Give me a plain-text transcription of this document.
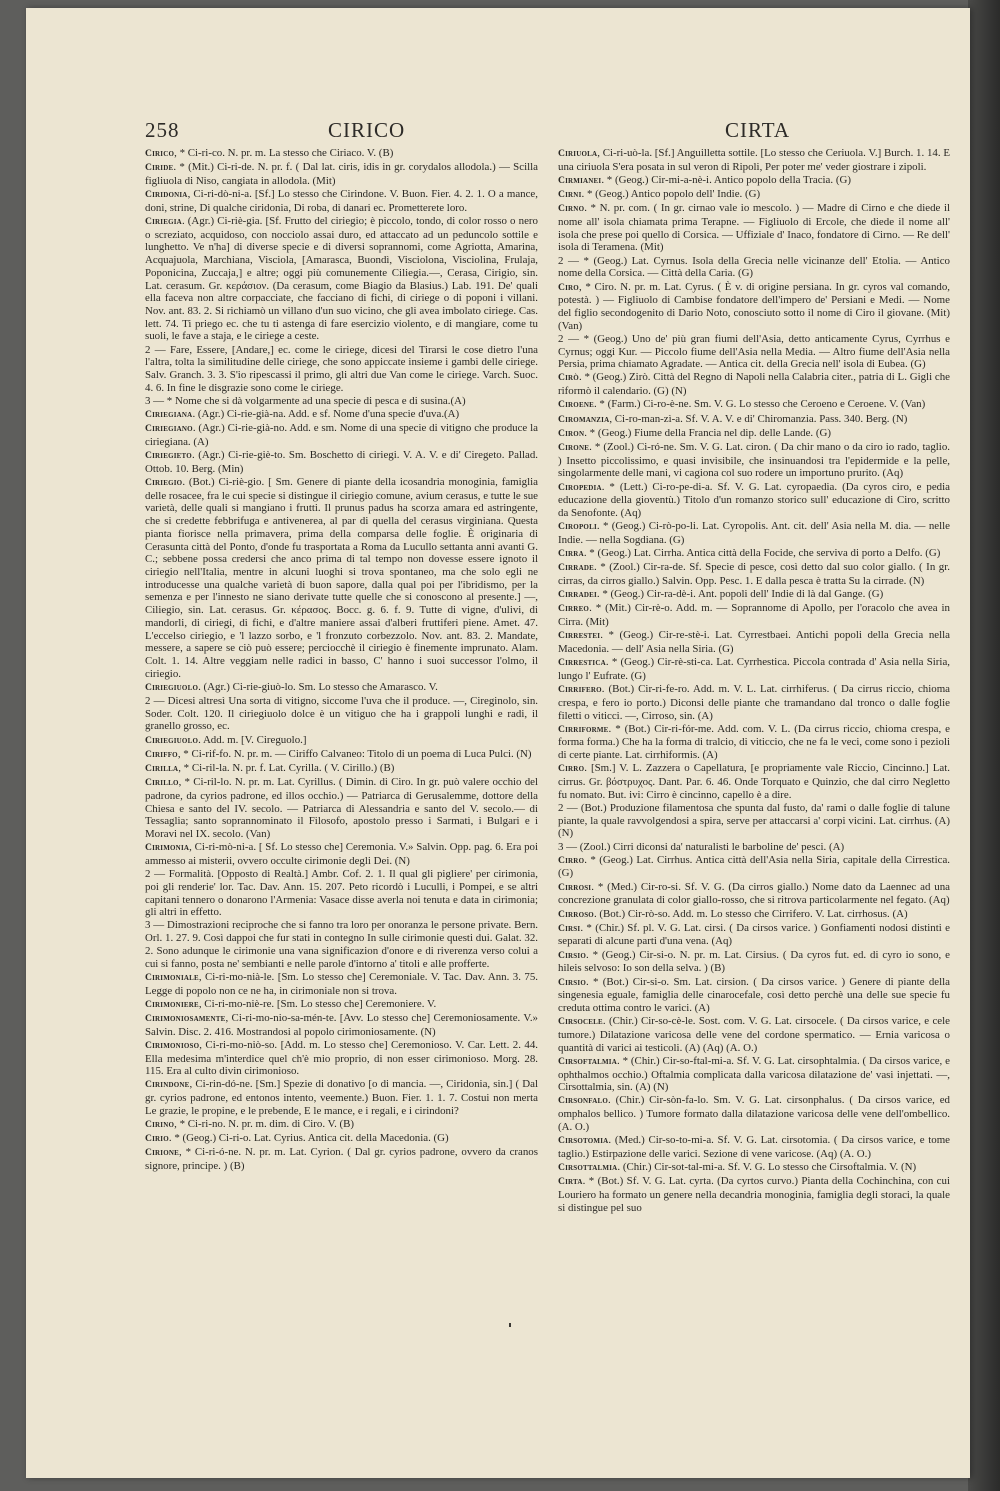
258	CIRICO	CIRTA
Cirico, * Ci-ri-co. N. pr. m. La stesso che Ciriaco. V. (B)
Ciride. * (Mit.) Ci-ri-de. N. pr. f. ( Dal lat. ciris, idis in gr. corydalos allodola.) — Scilla figliuola di Niso, cangiata in allodola. (Mit)
Ciridonia, Ci-ri-dò-ni-a. [Sf.] Lo stesso che Cirindone. V. Buon. Fier. 4. 2. 1. O a mance, doni, strine, Di qualche ciridonia, Di roba, di danari ec. Prometterete loro.
Ciriegia. (Agr.) Ci-riè-gia. [Sf. Frutto del ciriegio; è piccolo, tondo, di color rosso o nero o screziato, acquidoso, con nocciolo assai duro, ed attaccato ad un peduncolo sottile e lunghetto. Ve n'ha] di diverse specie e di diversi soprannomi, come Agriotta, Amarina, Acquajuola, Marchiana, Visciola, [Amarasca, Buondì, Visciolona, Visciolina, Frulaja, Poponicina, Zuccaja,] e altre; oggi più comunemente Ciliegia.—, Cerasa, Cirigio, sin. Lat. cerasum. Gr. κεράσιον. (Da cerasum, come Biagio da Blasius.) Lab. 191. De' quali ella faceva non altre corpacciate, che facciano di fichi, di ciriege o di poponi i villani. Nov. ant. 83. 2. Si richiamò un villano d'un suo vicino, che gli avea imbolato ciriege. Cas. lett. 74. Ti priego ec. che tu ti astenga di fare esercizio violento, e di mangiare, come tu suoli, le fave a staja, e le ciriege a ceste.
2 — Fare, Essere, [Andare,] ec. come le ciriege, dicesi del Tirarsi le cose dietro l'una l'altra, tolta la similitudine delle ciriege, che sono appiccate insieme i gambi delle ciriege. Salv. Granch. 3. 3. S'io ripescassi il primo, gli altri due Van come le ciriege. Varch. Suoc. 4. 6. In fine le disgrazie sono come le ciriege.
3 — * Nome che si dà volgarmente ad una specie di pesca e di susina.(A)
Ciriegiana. (Agr.) Ci-rie-già-na. Add. e sf. Nome d'una specie d'uva.(A)
Ciriegiano. (Agr.) Ci-rie-già-no. Add. e sm. Nome di una specie di vitigno che produce la ciriegiana. (A)
Ciriegieto. (Agr.) Ci-rie-giè-to. Sm. Boschetto di ciriegi. V. A. V. e di' Ciregeto. Pallad. Ottob. 10. Berg. (Min)
Ciriegio. (Bot.) Ci-riè-gio. [ Sm. Genere di piante della icosandria monoginia, famiglia delle rosacee, fra le cui specie si distingue il ciriegio comune, avium cerasus, e tutte le sue varietà, delle quali si mangiano i frutti. Il prunus padus ha scorza amara ed astringente, che si credette febbrifuga e antivenerea, al par di quella del cerasus virginiana. Questa pianta fiorisce nella primavera, prima della comparsa delle foglie. È originaria di Cerasunta città del Ponto, d'onde fu trasportata a Roma da Lucullo settanta anni avanti G. C.; sebbene possa credersi che anco prima di tal tempo non dovesse essere ignoto il ciriegio nell'Italia, mentre in alcuni luoghi si trova spontaneo, ma che solo egli ne introducesse una qualche varietà di buon sapore, dalla qual poi per l'ibridismo, per la semenza e per l'innesto ne siano derivate tutte quelle che si conoscono al presente.] —, Ciliegio, sin. Lat. cerasus. Gr. κέρασος. Bocc. g. 6. f. 9. Tutte di vigne, d'ulivi, di mandorli, di ciriegi, di fichi, e d'altre maniere assai d'alberi fruttiferi piene. Amet. 47. L'eccelso ciriegio, e 'l lazzo sorbo, e 'l fronzuto corbezzolo. Nov. ant. 83. 2. Mandate, messere, a sapere se ciò può essere; perciocchè il ciriegio è finemente imprunato. Alam. Colt. 1. 14. Altre veggiam nelle radici in basso, C' hanno i suoi successor l'olmo, il ciriegio.
Ciriegiuolo. (Agr.) Ci-rie-giuò-lo. Sm. Lo stesso che Amarasco. V.
2 — Dicesi altresì Una sorta di vitigno, siccome l'uva che il produce. —, Cireginolo, sin. Soder. Colt. 120. Il ciriegiuolo dolce è un vitiguo che ha i grappoli lunghi e radi, il granello grosso, ec.
Ciriegiuolo. Add. m. [V. Cireguolo.]
Ciriffo, * Ci-rif-fo. N. pr. m. — Ciriffo Calvaneo: Titolo di un poema di Luca Pulci. (N)
Cirilla, * Ci-ril-la. N. pr. f. Lat. Cyrilla. ( V. Cirillo.) (B)
Cirillo, * Ci-ril-lo. N. pr. m. Lat. Cyrillus. ( Dimin. di Ciro. In gr. può valere occhio del padrone, da cyrios padrone, ed illos occhio.) — Patriarca di Gerusalemme, dottore della Chiesa e santo del IV. secolo. — Patriarca di Alessandria e santo del V. secolo.— di Tessaglia; santo soprannominato il Filosofo, apostolo presso i Sarmati, i Bulgari e i Moravi nel IX. secolo. (Van)
Cirimonia, Ci-ri-mò-ni-a. [ Sf. Lo stesso che] Ceremonia. V.» Salvin. Opp. pag. 6. Era poi ammesso ai misterii, ovvero occulte cirimonie degli Dei. (N)
2 — Formalità. [Opposto di Realtà.] Ambr. Cof. 2. 1. Il qual gli pigliere' per cirimonia, poi gli renderie' lor. Tac. Dav. Ann. 15. 207. Peto ricordò i Luculli, i Pompei, e se altri capitani tennero o donarono l'Armenia: Vasace disse averla noi tenuta e data in cirimonia; gli altri in effetto.
3 — Dimostrazioni reciproche che si fanno tra loro per onoranza le persone private. Bern. Orl. 1. 27. 9. Così dappoi che fur stati in contegno In sulle cirimonie questi dui. Galat. 32. 2. Sono adunque le cirimonie una vana significazion d'onore e di riverenza verso colui a cui si fanno, posta ne' sembianti e nelle parole d'intorno a' titoli e alle profferte.
Cirimoniale, Ci-ri-mo-nià-le. [Sm. Lo stesso che] Ceremoniale. V. Tac. Dav. Ann. 3. 75. Legge di popolo non ce ne ha, in cirimoniale non si trova.
Cirimoniere, Ci-ri-mo-niè-re. [Sm. Lo stesso che] Ceremoniere. V.
Cirimoniosamente, Ci-ri-mo-nio-sa-mén-te. [Avv. Lo stesso che] Ceremoniosamente. V.» Salvin. Disc. 2. 416. Mostrandosi al popolo cirimoniosamente. (N)
Cirimonioso, Ci-ri-mo-niò-so. [Add. m. Lo stesso che] Ceremonioso. V. Car. Lett. 2. 44. Ella medesima m'interdice quel ch'è mio proprio, di non esser cirimonioso. Morg. 28. 115. Era al culto divin cirimonioso.
Cirindone, Ci-rin-dó-ne. [Sm.] Spezie di donativo [o di mancia. —, Ciridonia, sin.] ( Dal gr. cyrios padrone, ed entonos intento, veemente.) Buon. Fier. 1. 1. 7. Costui non merta Le grazie, le propine, e le prebende, E le mance, e i regali, e i cirindoni?
Cirino, * Ci-ri-no. N. pr. m. dim. di Ciro. V. (B)
Cirio. * (Geog.) Ci-ri-o. Lat. Cyrius. Antica cit. della Macedonia. (G)
Cirione, * Ci-ri-ó-ne. N. pr. m. Lat. Cyrion. ( Dal gr. cyrios padrone, ovvero da cranos signore, principe. ) (B)
Ciriuola, Ci-ri-uò-la. [Sf.] Anguilletta sottile. [Lo stesso che Ceriuola. V.] Burch. 1. 14. E una ciriuola S'era posata in sul veron di Ripoli, Per poter me' veder giostrare i zipoli.
Cirmianei. * (Geog.) Cir-mi-a-nè-i. Antico popolo della Tracia. (G)
Cirni. * (Geog.) Antico popolo dell' Indie. (G)
Cirno. * N. pr. com. ( In gr. cirnao vale io mescolo. ) — Madre di Cirno e che diede il nome all' isola chiamata prima Terapne. — Figliuolo di Ercole, che diede il nome all' isola che prese poi quello di Corsica. — Uffiziale d' Inaco, fondatore di Cirno. — Re dell' isola di Teramena. (Mit)
2 — * (Geog.) Lat. Cyrnus. Isola della Grecia nelle vicinanze dell' Etolia. — Antico nome della Corsica. — Città della Caria. (G)
Ciro, * Ciro. N. pr. m. Lat. Cyrus. ( È v. di origine persiana. In gr. cyros val comando, potestà. ) — Figliuolo di Cambise fondatore dell'impero de' Persiani e Medi. — Nome del figlio secondogenito di Dario Noto, conosciuto sotto il nome di Ciro il giovane. (Mit) (Van)
2 — * (Geog.) Uno de' più gran fiumi dell'Asia, detto anticamente Cyrus, Cyrrhus e Cyrnus; oggi Kur. — Piccolo fiume dell'Asia nella Media. — Altro fiume dell'Asia nella Persia, prima chiamato Agradate. — Antica cit. della Grecia nell' isola di Eubea. (G)
Cirò. * (Geog.) Zirò. Città del Regno di Napoli nella Calabria citer., patria di L. Gigli che riformò il calendario. (G) (N)
Ciroene. * (Farm.) Ci-ro-è-ne. Sm. V. G. Lo stesso che Ceroeno e Ceroene. V. (Van)
Ciromanzia, Ci-ro-man-zì-a. Sf. V. A. V. e di' Chiromanzia. Pass. 340. Berg. (N)
Ciron. * (Geog.) Fiume della Francia nel dip. delle Lande. (G)
Cirone. * (Zool.) Ci-ró-ne. Sm. V. G. Lat. ciron. ( Da chir mano o da ciro io rado, taglio. ) Insetto piccolissimo, e quasi invisibile, che insinuandosi tra l'epidermide e la pelle, singolarmente delle mani, vi cagiona col suo rodere un importuno prurito. (Aq)
Ciropedia. * (Lett.) Ci-ro-pe-di-a. Sf. V. G. Lat. cyropaedia. (Da cyros ciro, e pedia educazione della gioventù.) Titolo d'un romanzo storico sull' educazione di Ciro, scritto da Senofonte. (Aq)
Ciropoli. * (Geog.) Ci-rò-po-li. Lat. Cyropolis. Ant. cit. dell' Asia nella M. dia. — nelle Indie. — nella Sogdiana. (G)
Cirra. * (Geog.) Lat. Cirrha. Antica città della Focide, che serviva di porto a Delfo. (G)
Cirrade. * (Zool.) Cir-ra-de. Sf. Specie di pesce, così detto dal suo color giallo. ( In gr. cirras, da cirros giallo.) Salvin. Opp. Pesc. 1. E dalla pesca è tratta Su la cirrade. (N)
Cirradei. * (Geog.) Cir-ra-dè-i. Ant. popoli dell' Indie di là dal Gange. (G)
Cirreo. * (Mit.) Cir-rè-o. Add. m. — Soprannome di Apollo, per l'oracolo che avea in Cirra. (Mit)
Cirrestei. * (Geog.) Cir-re-stè-i. Lat. Cyrrestbaei. Antichi popoli della Grecia nella Macedonia. — dell' Asia nella Siria. (G)
Cirrestica. * (Geog.) Cir-rè-sti-ca. Lat. Cyrrhestica. Piccola contrada d' Asia nella Siria, lungo l' Eufrate. (G)
Cirrifero. (Bot.) Cir-ri-fe-ro. Add. m. V. L. Lat. cirrhiferus. ( Da cirrus riccio, chioma crespa, e fero io porto.) Diconsi delle piante che tramandano dal tronco o dalle foglie filetti o viticci. —, Cirroso, sin. (A)
Cirriforme. * (Bot.) Cir-ri-fór-me. Add. com. V. L. (Da cirrus riccio, chioma crespa, e forma forma.) Che ha la forma di tralcio, di viticcio, che ne fa le veci, come sono i pezioli di certe piante. Lat. cirrhiformis. (A)
Cirro. [Sm.] V. L. Zazzera o Capellatura, [e propriamente vale Riccio, Cincinno.] Lat. cirrus. Gr. βόστρυχος. Dant. Par. 6. 46. Onde Torquato e Quinzio, che dal cirro Negletto fu nomato. But. ivi: Cirro è cincinno, capello è a dire.
2 — (Bot.) Produzione filamentosa che spunta dal fusto, da' rami o dalle foglie di talune piante, la quale ravvolgendosi a spira, serve per attaccarsi a' corpi vicini. Lat. cirrhus. (A) (N)
3 — (Zool.) Cirri diconsi da' naturalisti le barboline de' pesci. (A)
Cirro. * (Geog.) Lat. Cirrhus. Antica città dell'Asia nella Siria, capitale della Cirrestica. (G)
Cirrosi. * (Med.) Cir-ro-si. Sf. V. G. (Da cirros giallo.) Nome dato da Laennec ad una concrezione granulata di color giallo-rosso, che si ritrova particolarmente nel fegato. (Aq)
Cirroso. (Bot.) Cir-rò-so. Add. m. Lo stesso che Cirrifero. V. Lat. cirrhosus. (A)
Cirsi. * (Chir.) Sf. pl. V. G. Lat. cirsi. ( Da cirsos varice. ) Gonfiamenti nodosi distinti e separati di alcune parti d'una vena. (Aq)
Cirsio. * (Geog.) Cir-si-o. N. pr. m. Lat. Cirsius. ( Da cyros fut. ed. di cyro io sono, e hileis selvoso: Io son della selva. ) (B)
Cirsio. * (Bot.) Cir-si-o. Sm. Lat. cirsion. ( Da cirsos varice. ) Genere di piante della singenesia eguale, famiglia delle cinarocefale, così detto perchè una delle sue specie fu creduta ottima contro le varici. (A)
Cirsocele. (Chir.) Cir-so-cè-le. Sost. com. V. G. Lat. cirsocele. ( Da cirsos varice, e cele tumore.) Dilatazione varicosa delle vene del cordone spermatico. — Ernia varicosa o quantità di varici ai testicoli. (A) (Aq) (A. O.)
Cirsoftalmia. * (Chir.) Cir-so-ftal-mi-a. Sf. V. G. Lat. cirsophtalmia. ( Da cirsos varice, e ophthalmos occhio.) Oftalmia complicata dalla varicosa dilatazione de' vasi injettati. —, Cirsottalmia, sin. (A) (N)
Cirsonfalo. (Chir.) Cir-sòn-fa-lo. Sm. V. G. Lat. cirsonphalus. ( Da cirsos varice, ed omphalos bellico. ) Tumore formato dalla dilatazione varicosa delle vene dell'ombellico. (A. O.)
Cirsotomia. (Med.) Cir-so-to-mi-a. Sf. V. G. Lat. cirsotomia. ( Da cirsos varice, e tome taglio.) Estirpazione delle varici. Sezione di vene varicose. (Aq) (A. O.)
Cirsottalmia. (Chir.) Cir-sot-tal-mi-a. Sf. V. G. Lo stesso che Cirsoftalmia. V. (N)
Cirta. * (Bot.) Sf. V. G. Lat. cyrta. (Da cyrtos curvo.) Pianta della Cochinchina, con cui Louriero ha formato un genere nella decandria monoginia, famiglia degli storaci, la quale si distingue pel suo
